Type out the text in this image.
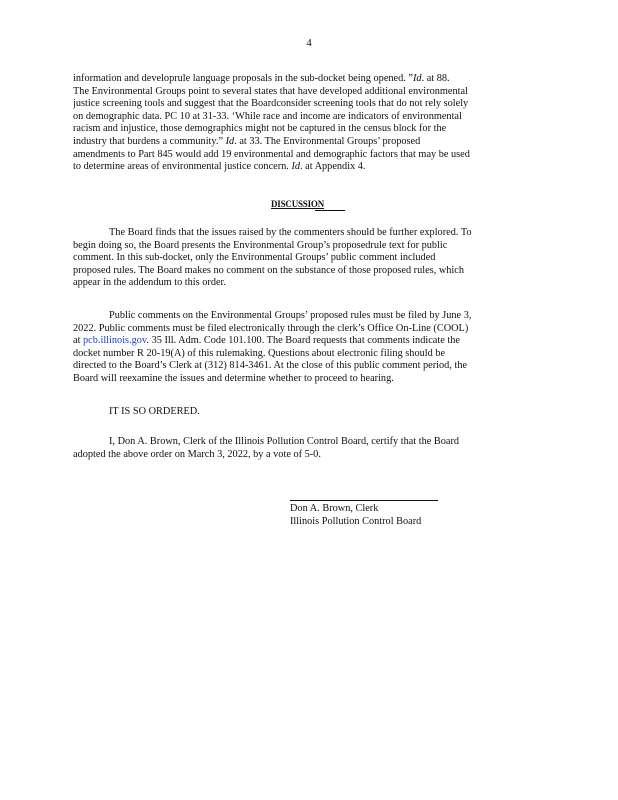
4
information and developrule language proposals in the sub-docket being opened. ”Id. at 88.
The Environmental Groups point to several states that have developed additional environmental
justice screening tools and suggest that the Boardconsider screening tools that do not rely solely
on demographic data. PC 10 at 31-33. ‘While race and income are indicators of environmental
racism and injustice, those demographics might not be captured in the census block for the
industry that burdens a community.” Id. at 33. The Environmental Groups’ proposed
amendments to Part 845 would add 19 environmental and demographic factors that may be used
to determine areas of environmental justice concern. Id. at Appendix 4.
DISCUSSION
The Board finds that the issues raised by the commenters should be further explored. To
begin doing so, the Board presents the Environmental Group’s proposedrule text for public
comment. In this sub-docket, only the Environmental Groups’ public comment included
proposed rules. The Board makes no comment on the substance of those proposed rules, which
appear in the addendum to this order.
Public comments on the Environmental Groups’ proposed rules must be filed by June 3,
2022. Public comments must be filed electronically through the clerk’s Office On-Line (COOL)
at pcb.illinois.gov. 35 Ill. Adm. Code 101.100. The Board requests that comments indicate the
docket number R 20-19(A) of this rulemaking. Questions about electronic filing should be
directed to the Board’s Clerk at (312) 814-3461. At the close of this public comment period, the
Board will reexamine the issues and determine whether to proceed to hearing.
IT IS SO ORDERED.
I, Don A. Brown, Clerk of the Illinois Pollution Control Board, certify that the Board
adopted the above order on March 3, 2022, by a vote of 5-0.
Don A. Brown, Clerk
Illinois Pollution Control Board
